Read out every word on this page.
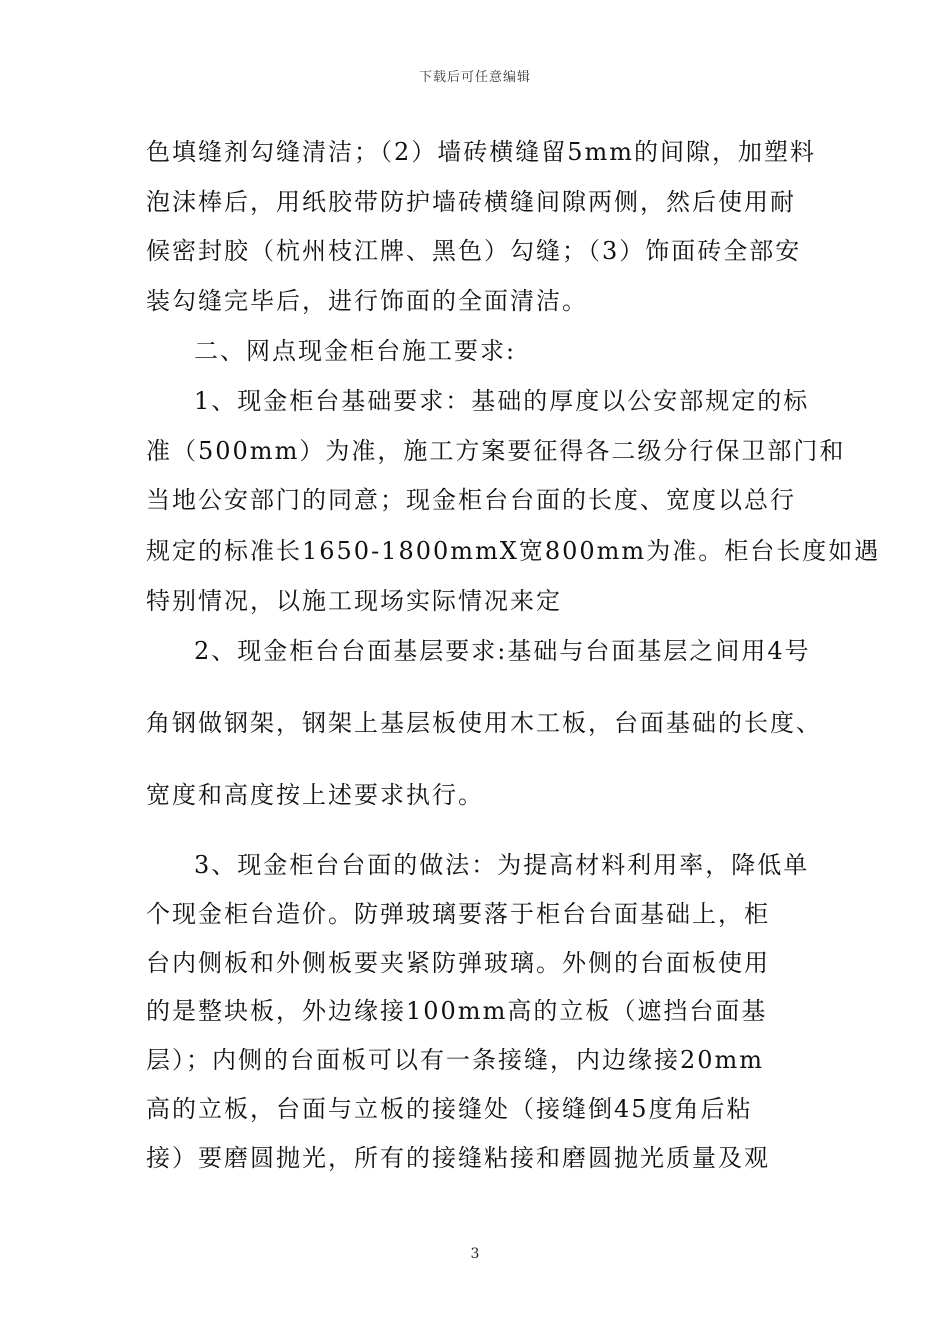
下载后可任意编辑
色填缝剂勾缝清洁；（2）墙砖横缝留5mm的间隙，加塑料
泡沫棒后，用纸胶带防护墙砖横缝间隙两侧，然后使用耐
候密封胶（杭州枝江牌、黑色）勾缝；（3）饰面砖全部安
装勾缝完毕后，进行饰面的全面清洁。
二、网点现金柜台施工要求:
1、现金柜台基础要求：基础的厚度以公安部规定的标
准（500mm）为准，施工方案要征得各二级分行保卫部门和
当地公安部门的同意；现金柜台台面的长度、宽度以总行
规定的标准长1650-1800mmX宽800mm为准。柜台长度如遇
特别情况，以施工现场实际情况来定
2、现金柜台台面基层要求:基础与台面基层之间用4号
角钢做钢架，钢架上基层板使用木工板，台面基础的长度、
宽度和高度按上述要求执行。
3、现金柜台台面的做法：为提高材料利用率，降低单
个现金柜台造价。防弹玻璃要落于柜台台面基础上，柜
台内侧板和外侧板要夹紧防弹玻璃。外侧的台面板使用
的是整块板，外边缘接100mm高的立板（遮挡台面基
层）；内侧的台面板可以有一条接缝，内边缘接20mm
高的立板，台面与立板的接缝处（接缝倒45度角后粘
接）要磨圆抛光，所有的接缝粘接和磨圆抛光质量及观
3
